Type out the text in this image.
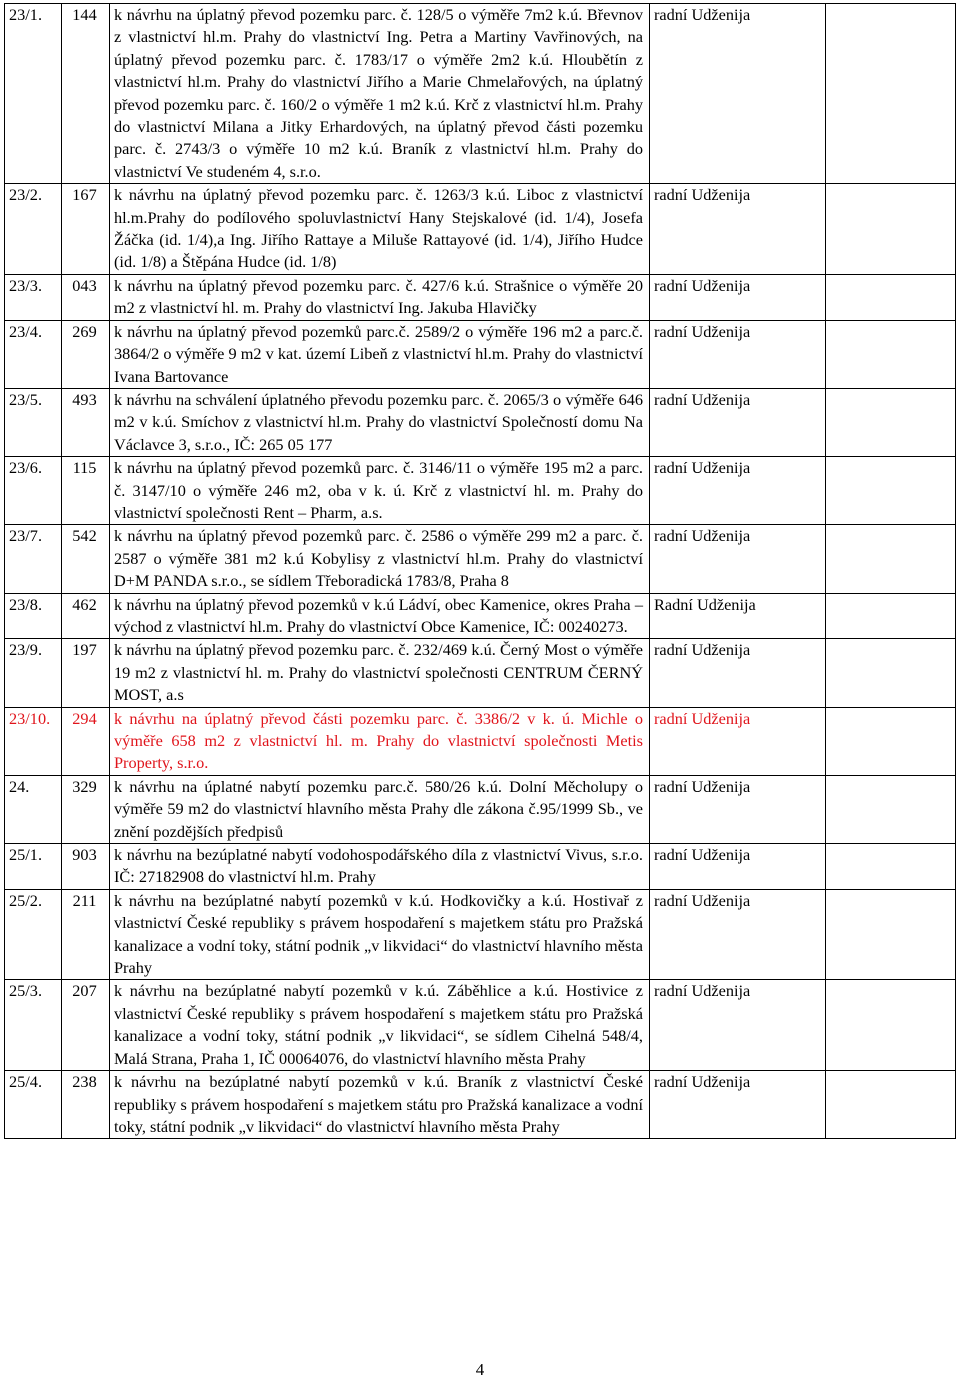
23/1.	144	k návrhu na úplatný převod pozemku parc. č. 128/5 o výměře 7m2 k.ú. Břevnov z vlastnictví hl.m. Prahy do vlastnictví Ing. Petra a Martiny Vavřinových, na úplatný převod pozemku parc. č. 1783/17 o výměře 2m2 k.ú. Hloubětín z vlastnictví hl.m. Prahy do vlastnictví Jiřího a Marie Chmelařových, na úplatný převod pozemku parc. č. 160/2 o výměře 1 m2 k.ú. Krč z vlastnictví hl.m. Prahy do vlastnictví Milana a Jitky Erhardových, na úplatný převod části pozemku parc. č. 2743/3 o výměře 10 m2 k.ú. Braník z vlastnictví hl.m. Prahy do vlastnictví Ve studeném 4, s.r.o.	radní Udženija	
23/2.	167	k návrhu na úplatný převod pozemku parc. č. 1263/3 k.ú. Liboc z vlastnictví hl.m.Prahy do podílového spoluvlastnictví Hany Stejskalové (id. 1/4), Josefa Žáčka (id. 1/4),a Ing. Jiřího Rattaye a Miluše Rattayové (id. 1/4), Jiřího Hudce (id. 1/8) a Štěpána Hudce (id. 1/8)	radní Udženija	
23/3.	043	k návrhu na úplatný převod pozemku parc. č. 427/6 k.ú. Strašnice o výměře 20 m2 z vlastnictví hl. m. Prahy do vlastnictví Ing. Jakuba Hlavičky	radní Udženija	
23/4.	269	k návrhu na úplatný převod pozemků parc.č. 2589/2 o výměře 196 m2 a parc.č. 3864/2 o výměře 9 m2 v kat. území Libeň z vlastnictví hl.m. Prahy do vlastnictví Ivana Bartovance	radní Udženija	
23/5.	493	k návrhu na schválení úplatného převodu pozemku parc. č. 2065/3 o výměře 646 m2 v k.ú. Smíchov z vlastnictví hl.m. Prahy do vlastnictví Společností domu Na Václavce 3, s.r.o., IČ: 265 05 177	radní Udženija	
23/6.	115	k návrhu na úplatný převod pozemků parc. č. 3146/11 o výměře 195 m2 a parc. č. 3147/10 o výměře 246 m2, oba v k. ú. Krč z vlastnictví hl. m. Prahy do vlastnictví společnosti Rent – Pharm, a.s.	radní Udženija	
23/7.	542	k návrhu na úplatný převod pozemků parc. č. 2586 o výměře 299 m2 a parc. č. 2587 o výměře 381 m2 k.ú Kobylisy z vlastnictví hl.m. Prahy do vlastnictví D+M PANDA s.r.o., se sídlem Třeboradická 1783/8, Praha 8	radní Udženija	
23/8.	462	k návrhu na úplatný převod pozemků v k.ú Ládví, obec Kamenice, okres Praha – východ z vlastnictví hl.m. Prahy do vlastnictví Obce Kamenice, IČ: 00240273.	Radní Udženija	
23/9.	197	k návrhu na úplatný převod pozemku parc. č. 232/469 k.ú. Černý Most o výměře 19 m2 z vlastnictví hl. m. Prahy do vlastnictví společnosti CENTRUM ČERNÝ MOST, a.s	radní Udženija	
23/10.	294	k návrhu na úplatný převod části pozemku parc. č. 3386/2 v k. ú. Michle o výměře 658 m2 z vlastnictví hl. m. Prahy do vlastnictví společnosti Metis Property, s.r.o.	radní Udženija	
24.	329	k návrhu na úplatné nabytí pozemku parc.č. 580/26 k.ú. Dolní Měcholupy o výměře 59 m2 do vlastnictví hlavního města Prahy dle zákona č.95/1999 Sb., ve znění pozdějších předpisů	radní Udženija	
25/1.	903	k návrhu na bezúplatné nabytí vodohospodářského díla z vlastnictví Vivus, s.r.o. IČ: 27182908 do vlastnictví hl.m. Prahy	radní Udženija	
25/2.	211	k návrhu na bezúplatné nabytí pozemků v k.ú. Hodkovičky a k.ú. Hostivař z vlastnictví České republiky s právem hospodaření s majetkem státu pro Pražská kanalizace a vodní toky, státní podnik „v likvidaci“ do vlastnictví hlavního města Prahy	radní Udženija	
25/3.	207	k návrhu na bezúplatné nabytí pozemků v k.ú. Záběhlice a k.ú. Hostivice z vlastnictví České republiky s právem hospodaření s majetkem státu pro Pražská kanalizace a vodní toky, státní podnik „v likvidaci“, se sídlem Cihelná 548/4, Malá Strana, Praha 1, IČ 00064076, do vlastnictví hlavního města Prahy	radní Udženija	
25/4.	238	k návrhu na bezúplatné nabytí pozemků v k.ú. Braník z vlastnictví České republiky s právem hospodaření s majetkem státu pro Pražská kanalizace a vodní toky, státní podnik „v likvidaci“ do vlastnictví hlavního města Prahy	radní Udženija	
4
